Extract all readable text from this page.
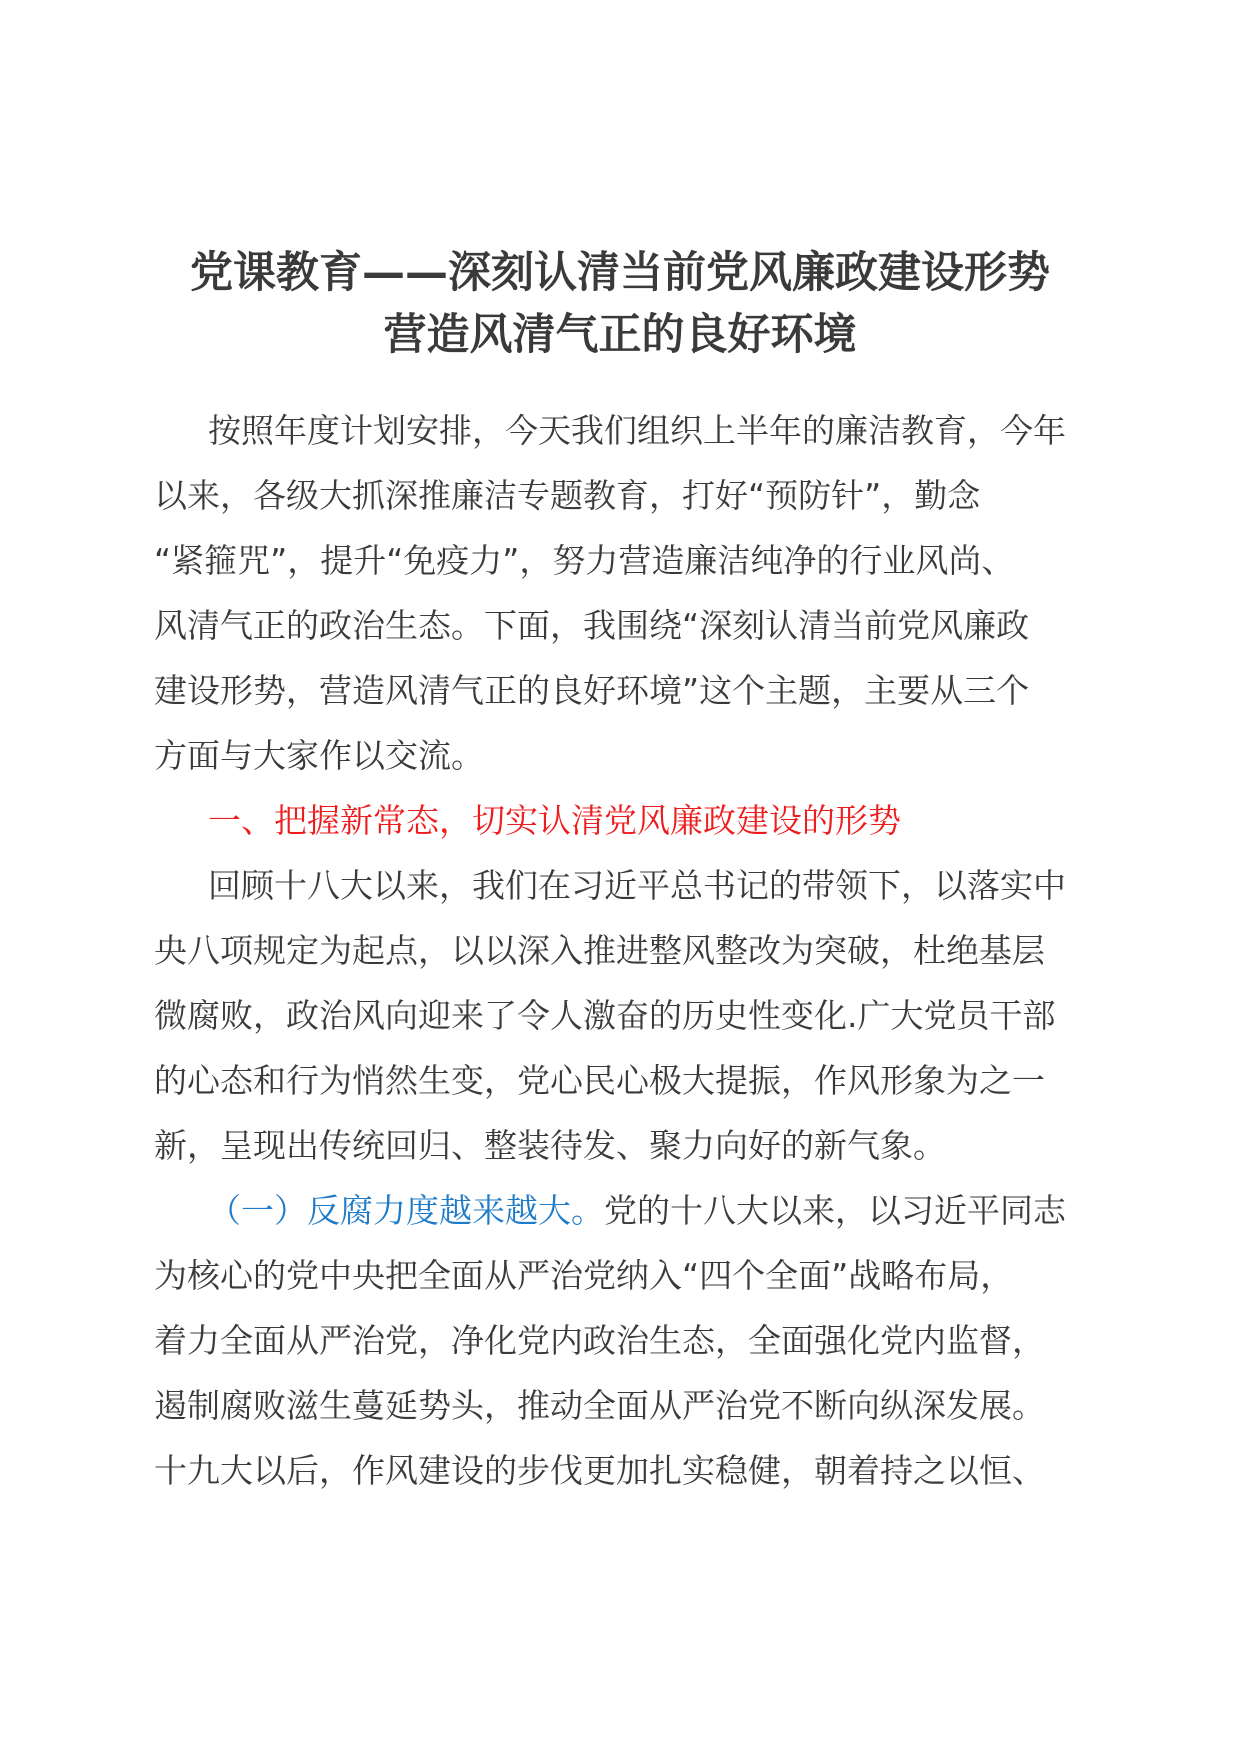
党课教育——深刻认清当前党风廉政建设形势
营造风清气正的良好环境
按照年度计划安排，今天我们组织上半年的廉洁教育，今年
以来，各级大抓深推廉洁专题教育，打好“预防针”，勤念
“紧箍咒”，提升“免疫力”，努力营造廉洁纯净的行业风尚、
风清气正的政治生态。下面，我围绕“深刻认清当前党风廉政
建设形势，营造风清气正的良好环境”这个主题，主要从三个
方面与大家作以交流。
一、把握新常态，切实认清党风廉政建设的形势
回顾十八大以来，我们在习近平总书记的带领下，以落实中
央八项规定为起点，以以深入推进整风整改为突破，杜绝基层
微腐败，政治风向迎来了令人激奋的历史性变化.广大党员干部
的心态和行为悄然生变，党心民心极大提振，作风形象为之一
新，呈现出传统回归、整装待发、聚力向好的新气象。
（一）反腐力度越来越大。党的十八大以来，以习近平同志
为核心的党中央把全面从严治党纳入“四个全面”战略布局，
着力全面从严治党，净化党内政治生态，全面强化党内监督，
遏制腐败滋生蔓延势头，推动全面从严治党不断向纵深发展。
十九大以后，作风建设的步伐更加扎实稳健，朝着持之以恒、
